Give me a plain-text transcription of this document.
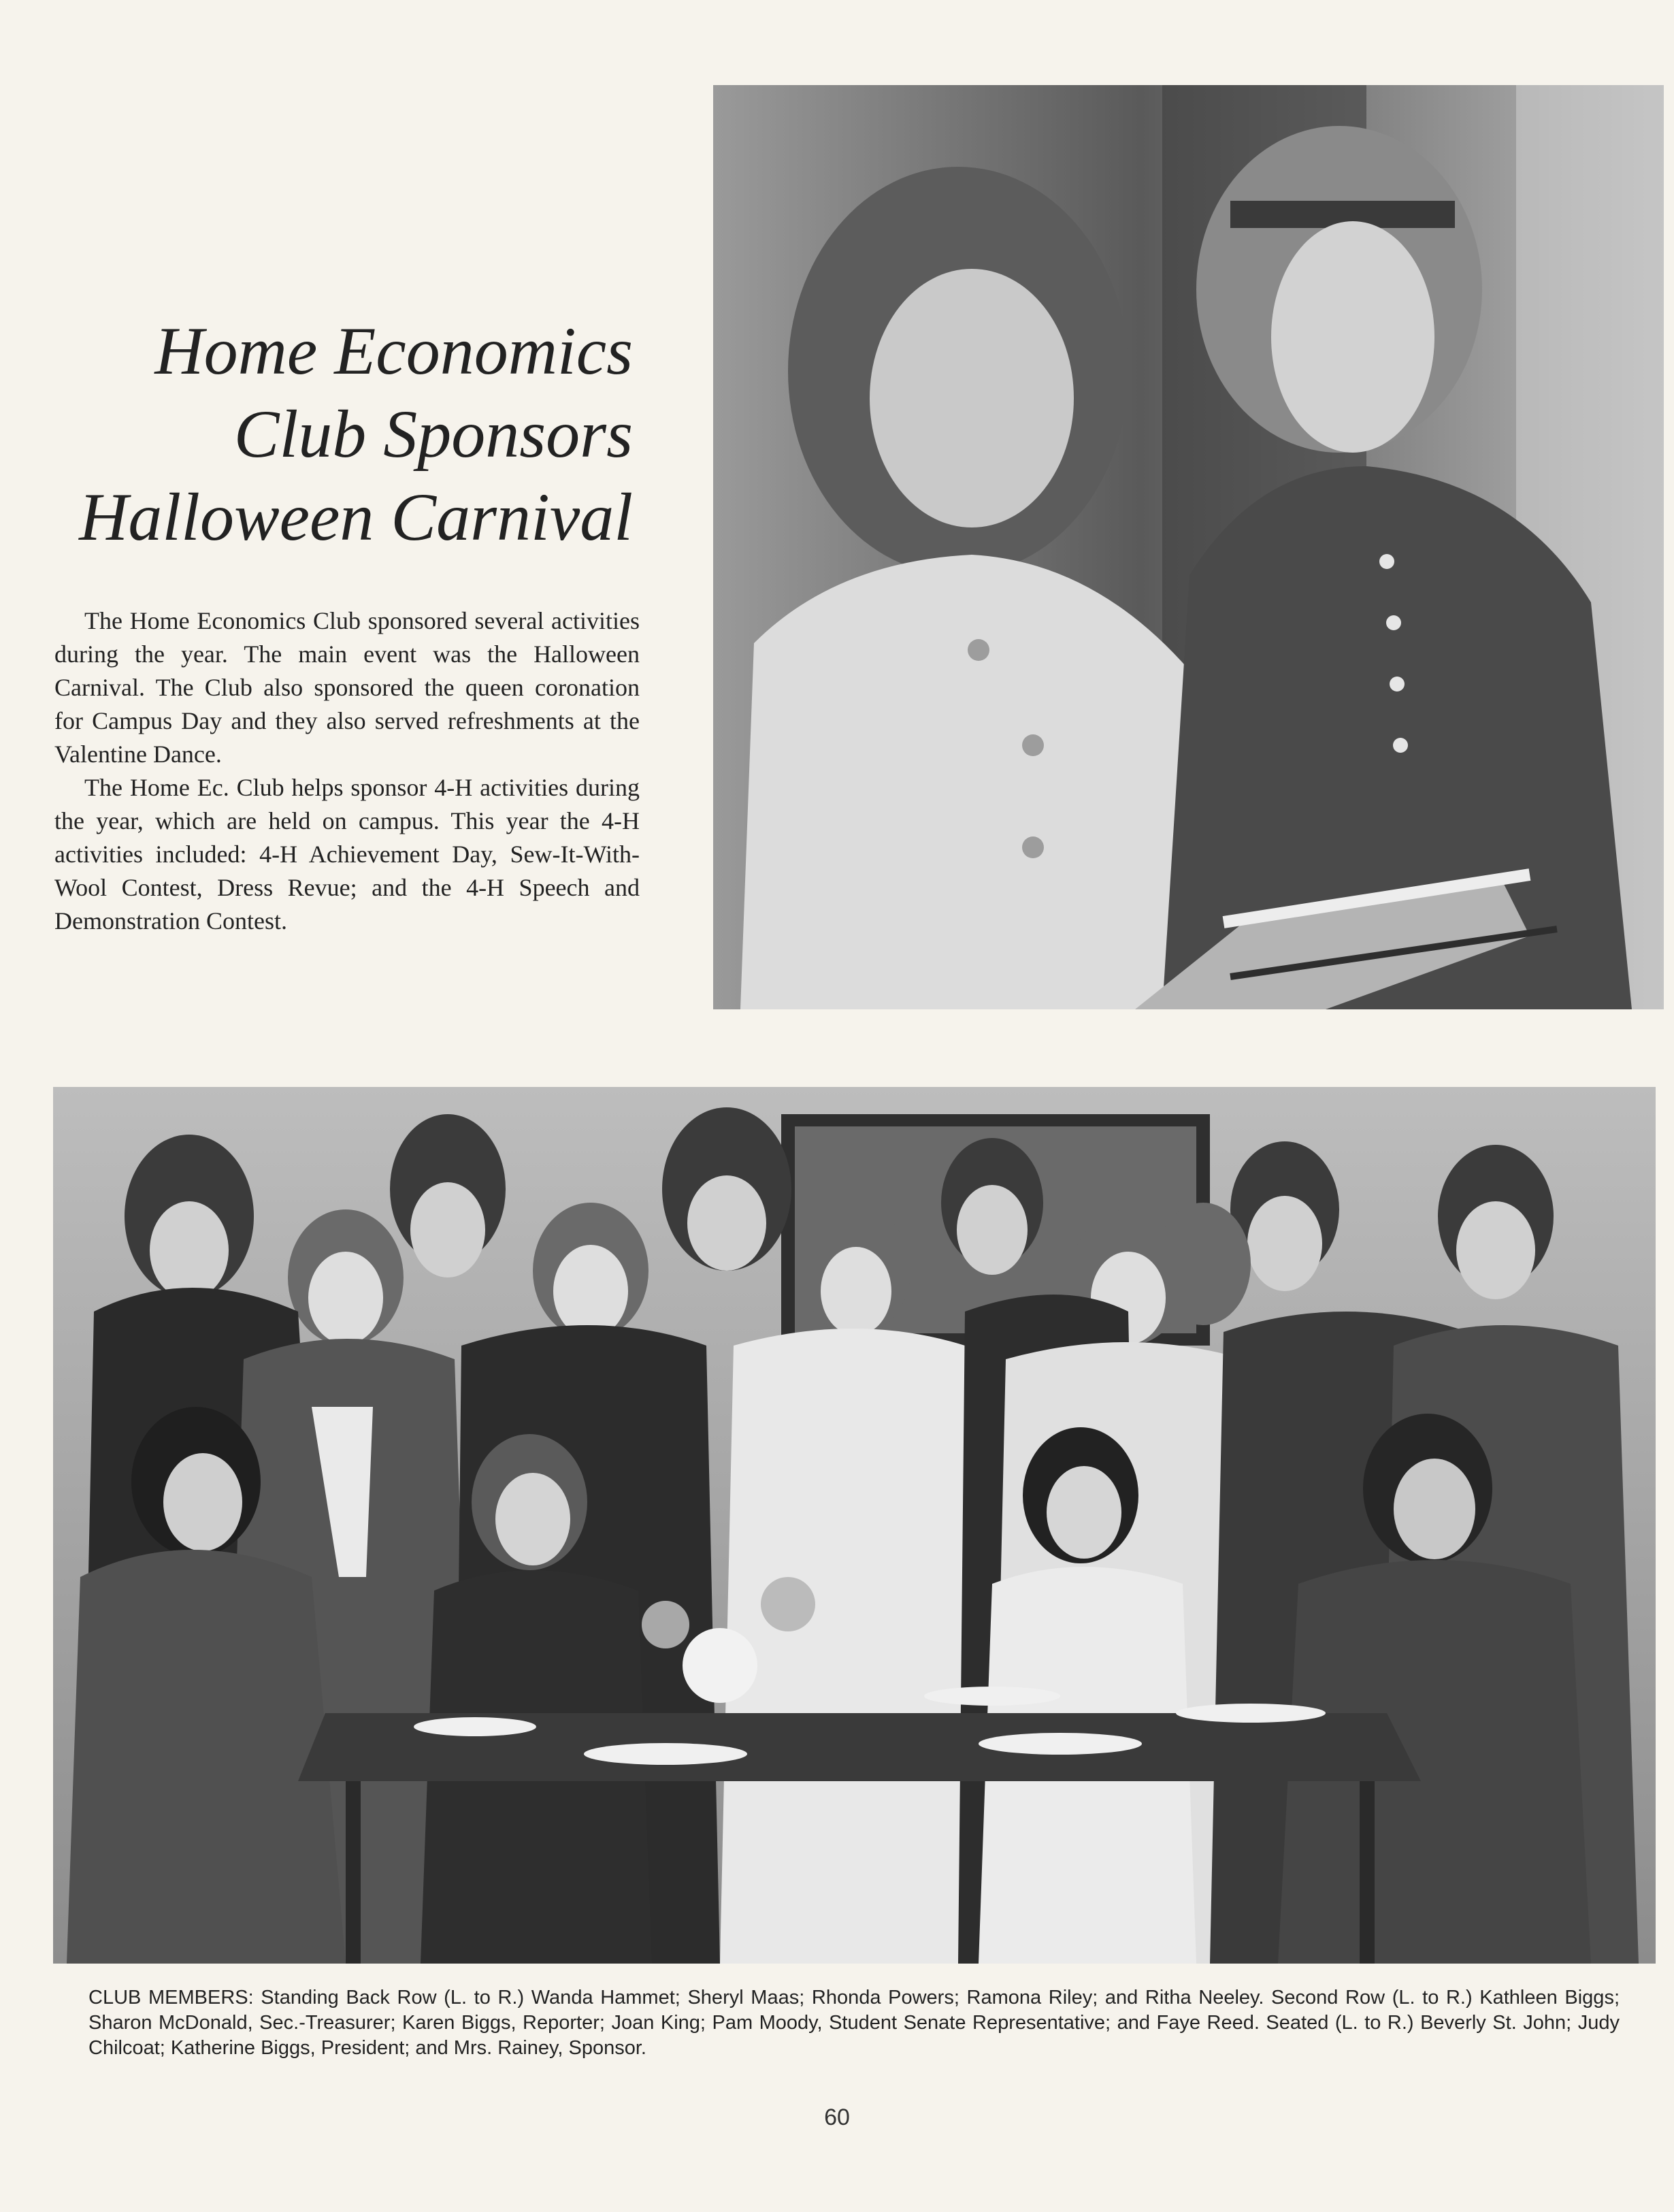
Home Economics
Club Sponsors
Halloween Carnival

The Home Economics Club sponsored several activities during the year. The main event was the Halloween Carnival. The Club also sponsored the queen coronation for Campus Day and they also served refreshments at the Valentine Dance.

The Home Ec. Club helps sponsor 4-H activities during the year, which are held on campus. This year the 4-H activities included: 4-H Achievement Day, Sew-It-With-Wool Contest, Dress Revue; and the 4-H Speech and Demonstration Contest.

CLUB MEMBERS: Standing Back Row (L. to R.) Wanda Hammet; Sheryl Maas; Rhonda Powers; Ramona Riley; and Ritha Neeley. Second Row (L. to R.) Kathleen Biggs; Sharon McDonald, Sec.-Treasurer; Karen Biggs, Reporter; Joan King; Pam Moody, Student Senate Representative; and Faye Reed. Seated (L. to R.) Beverly St. John; Judy Chilcoat; Katherine Biggs, President; and Mrs. Rainey, Sponsor.
60
